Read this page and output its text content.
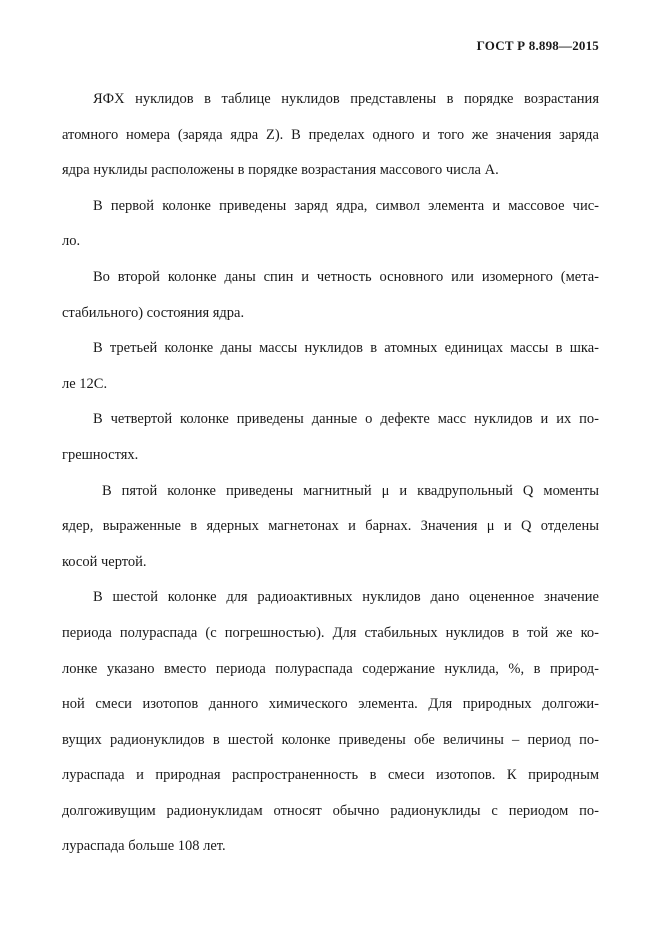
ГОСТ Р 8.898—2015

ЯФХ нуклидов в таблице нуклидов представлены в порядке возрастания
атомного номера (заряда ядра Z). В пределах одного и того же значения заряда
ядра нуклиды расположены в порядке возрастания массового числа A.

В первой колонке приведены заряд ядра, символ элемента и массовое чис-
ло.

Во второй колонке даны спин и четность основного или изомерного (мета-
стабильного) состояния ядра.

В третьей колонке даны массы нуклидов в атомных единицах массы в шка-
ле 12С.

В четвертой колонке приведены данные о дефекте масс нуклидов и их по-
грешностях.

В пятой колонке приведены магнитный μ и квадрупольный Q моменты
ядер, выраженные в ядерных магнетонах и барнах. Значения μ и Q отделены
косой чертой.

В шестой колонке для радиоактивных нуклидов дано оцененное значение
периода полураспада (с погрешностью). Для стабильных нуклидов в той же ко-
лонке указано вместо периода полураспада содержание нуклида, %, в природ-
ной смеси изотопов данного химического элемента. Для природных долгожи-
вущих радионуклидов в шестой колонке приведены обе величины – период по-
лураспада и природная распространенность в смеси изотопов. К природным
долгоживущим радионуклидам относят обычно радионуклиды с периодом по-
лураспада больше 108 лет.
